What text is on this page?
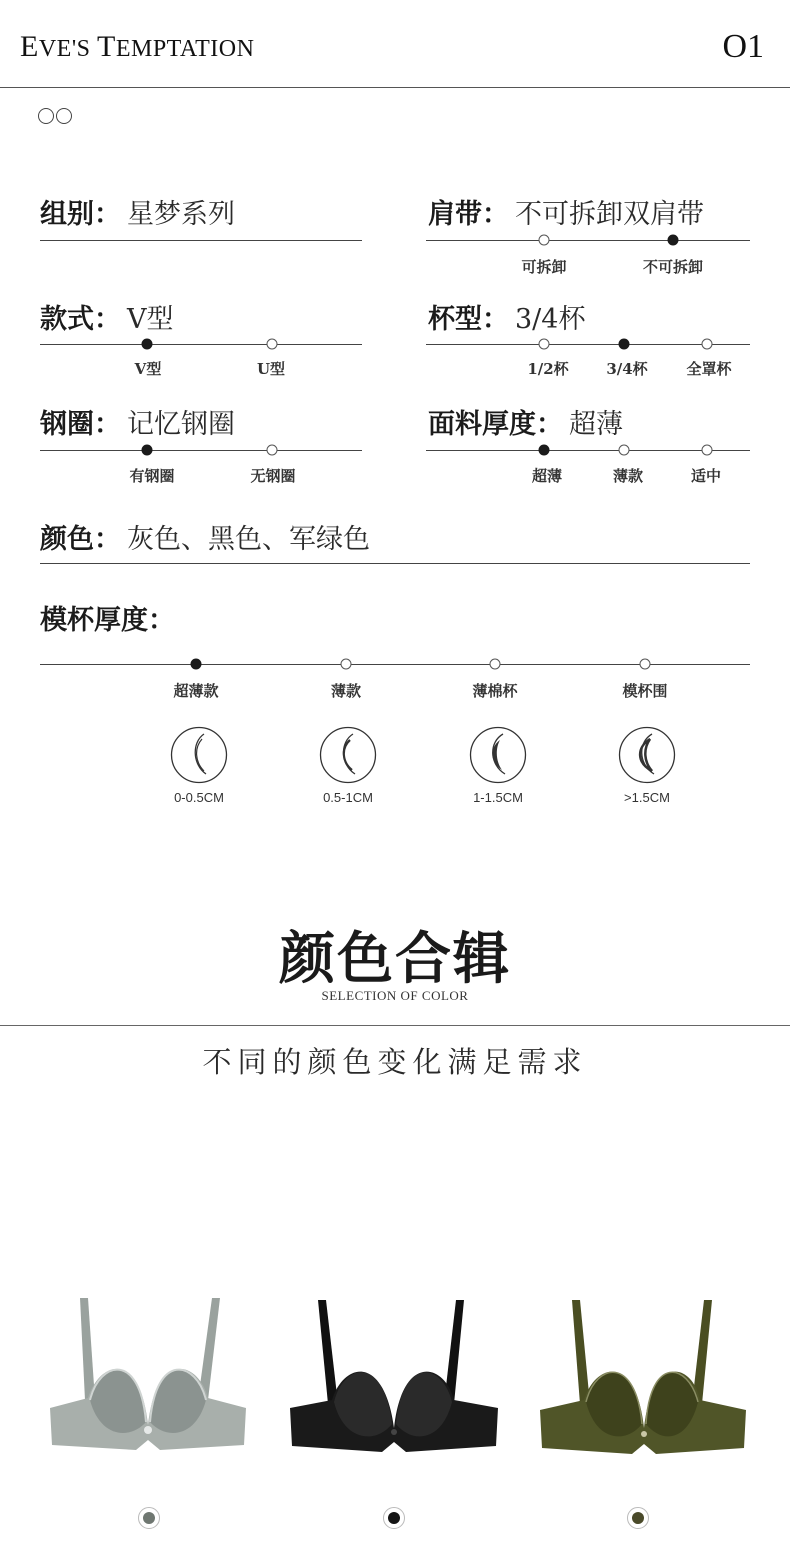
EVE'S TEMPTATION	O1
组别： 星梦系列	肩带： 不可拆卸双肩带
可拆卸	不可拆卸
款式： V型
V型	U型
杯型： 3/4杯
1/2杯	3/4杯	全罩杯
钢圈： 记忆钢圈
有钢圈	无钢圈
面料厚度： 超薄
超薄	薄款	适中
颜色： 灰色、黑色、军绿色
模杯厚度：
超薄款	薄款	薄棉杯	模杯围
0-0.5CM	0.5-1CM	1-1.5CM	>1.5CM
颜色合辑
SELECTION OF COLOR
不同的颜色变化满足需求
